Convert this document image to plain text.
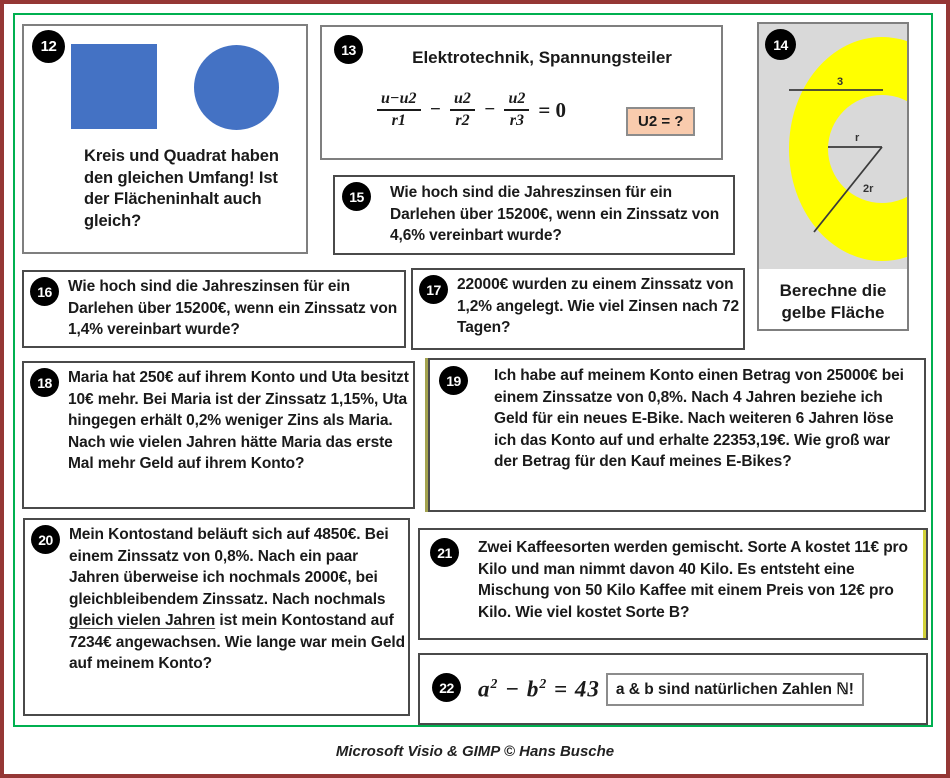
12
Kreis und Quadrat haben den gleichen Umfang! Ist der Flächeninhalt auch gleich?
13	Elektrotechnik, Spannungsteiler
$\frac{u-u2}{r1} - \frac{u2}{r2} - \frac{u2}{r3} = 0$	U2 = ?
3
r
2r
14
Berechne die gelbe Fläche
15	Wie hoch sind die Jahreszinsen für ein Darlehen über 15200€, wenn ein Zinssatz von 4,6% vereinbart wurde?
16	Wie hoch sind die Jahreszinsen für ein Darlehen über 15200€, wenn ein Zinssatz von 1,4% vereinbart wurde?
17	22000€ wurden zu einem Zinssatz von 1,2% angelegt. Wie viel Zinsen nach 72 Tagen?
18	Maria hat 250€ auf ihrem Konto und Uta besitzt 10€ mehr. Bei Maria ist der Zinssatz 1,15%, Uta hingegen erhält 0,2% weniger Zins als Maria. Nach wie vielen Jahren hätte Maria das erste Mal mehr Geld auf ihrem Konto?
19	Ich habe auf meinem Konto einen Betrag von 25000€ bei einem Zinssatze von 0,8%. Nach 4 Jahren beziehe ich Geld für ein neues E-Bike. Nach weiteren 6 Jahren löse ich das Konto auf und erhalte 22353,19€. Wie groß war der Betrag für den Kauf meines E-Bikes?
20	Mein Kontostand beläuft sich auf 4850€. Bei einem Zinssatz von 0,8%. Nach ein paar Jahren überweise ich nochmals 2000€, bei gleichbleibendem Zinssatz. Nach nochmals gleich vielen Jahren ist mein Kontostand auf 7234€ angewachsen. Wie lange war mein Geld auf meinem Konto?
21	Zwei Kaffeesorten werden gemischt. Sorte A kostet 11€ pro Kilo und man nimmt davon 40 Kilo. Es entsteht eine Mischung von 50 Kilo Kaffee mit einem Preis von 12€ pro Kilo. Wie viel kostet Sorte B?
22	$a^2 - b^2 = 43$	a & b sind natürlichen Zahlen ℕ!
Microsoft Visio & GIMP © Hans Busche
